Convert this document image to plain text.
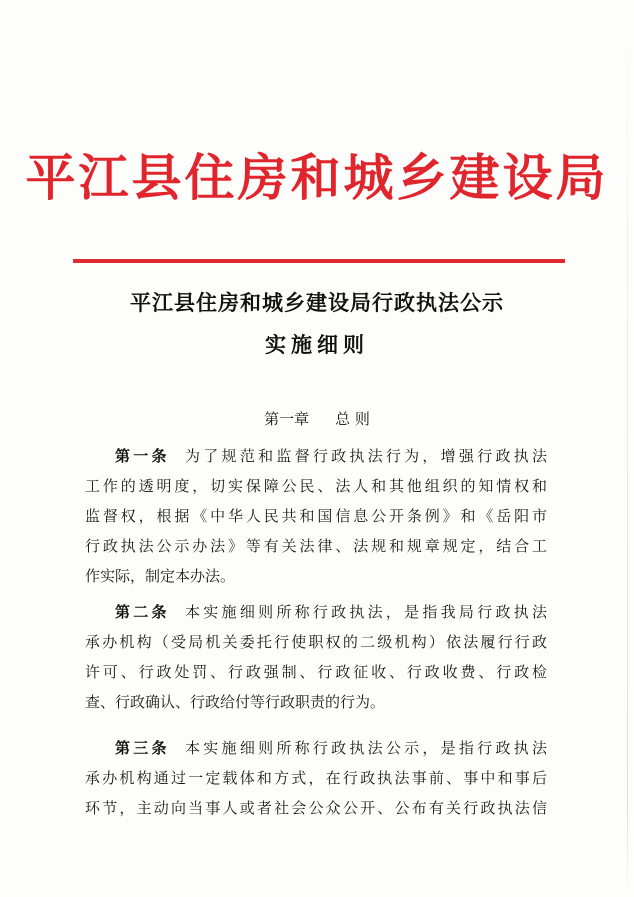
平江县住房和城乡建设局
平江县住房和城乡建设局行政执法公示
实施细则
第一章 总 则
第一条 为了规范和监督行政执法行为，增强行政执法
工作的透明度，切实保障公民、法人和其他组织的知情权和
监督权，根据《中华人民共和国信息公开条例》和《岳阳市
行政执法公示办法》等有关法律、法规和规章规定，结合工
作实际，制定本办法。
第二条 本实施细则所称行政执法，是指我局行政执法
承办机构（受局机关委托行使职权的二级机构）依法履行行政
许可、行政处罚、行政强制、行政征收、行政收费、行政检
查、行政确认、行政给付等行政职责的行为。
第三条 本实施细则所称行政执法公示，是指行政执法
承办机构通过一定载体和方式，在行政执法事前、事中和事后
环节，主动向当事人或者社会公众公开、公布有关行政执法信
